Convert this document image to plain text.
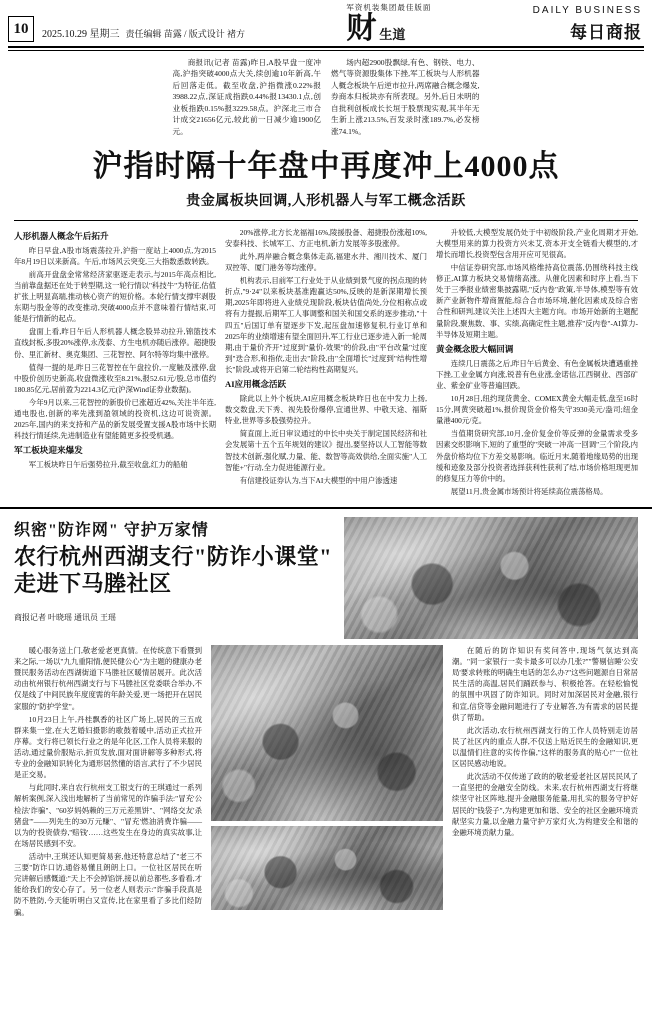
10	2025.10.29 星期三 责任编辑 苗露 / 版式设计 褚方
军资机装集团最佳版面
财 生道
DAILY BUSINESS
每日商报

商报讯(记者 苗露)昨日,A股早盘一度冲高,沪指突破4000点大关,续创逾10年新高,午后回落走低。截至收盘,沪指微涨0.22%报3988.22点,深证成指跌0.44%报13430.1点,创业板指跌0.15%报3229.58点。沪深北三市合计成交21656亿元,较此前一日减少逾1900亿元。

场内超2900股飘绿,有色、钢铁、电力、燃气等资源股集体下挫,军工板块与人形机器人概念板块午后逆市拉升,两席融合概念爆发,券商本归板块亦有所表现。另外,后日未明的自批利创板成长长垣于股票现实观,其半年无生新上涨213.5%,百发录时涨189.7%,必发榜涨74.1%。

沪指时隔十年盘中再度冲上4000点
贵金属板块回调,人形机器人与军工概念活跃
人形机器人概念午后拓升

昨日早盘,A股市场震荡拉升,沪指一度站上4000点,为2015年8月19日以来新高。午后,市场风云突变,三大指数悉数转跌。

前高开盘盘金常常经济家驱逐走表示,与2015年高点相比,当前靠盘据还在处于转型期,这一轮行情以"科技牛"为特征,估值扩张上明显高端,推动核心资产的短价格。本轮行情支撑牢剥股东期与股金等的改变推动,突破4000点并不意味着行情结束,可能是行情新的起点。

盘面上看,昨日午后人形机器人概念股异动拉升,锦篮技术直线封板,多股20%涨停,永茂泰、方生电机亦随后涨停。超捷股份、里汇新材、奥克集团、三花智控、阿尔特等均集中涨停。

值得一提的是,昨日三花智控在午盘拉价,一度触及涨停,盘中股价创历史新高,收盘微涨收至8.21%,报52.61元/股,总市值约180.85亿元,居前盈为2214.3亿元(沪深Wind证券业数据)。

今年9月以来,三花智控的新股价已涨超近42%,关注半年连,通电股也,创新的率先涨到盈领域的投资机,这边可说资源。2025年,国内的来支持和产品的新发展受置支援A股市场中长期科技行情延续,先进制造业有望能随更多投受机遇。

军工板块迎来爆发

军工板块昨日午后强势拉升,截至收盘,红力的船舶

20%涨停,北方长龙福福16%,陵援股备、超捷股份涨超10%,安泰科技、长城军工、方正电机,新力发展等多股涨停。

此外,两岸融合概念集体走高,福建水井、湘川技术、厦门双控等、厦门港务等均涨停。

机构表示,目前军工行业处于从业绩到景气度的拐点现的转折点,"9·24"以来板块基准跑赢达50%,反映的是新深期增长预期,2025年即将进入业绩兑现阶段,板块估值尚处,分位相称点或将有力提振,后期军工人事调整和国关和国交系的逐步推动,"十四五"后国订单有望逐步下发,起压盘加速修复积,行业订单和2025年的业绩增速有望全面回升,军工行业已逐步进入新一轮周期,由于量价齐开"过度到"量价-效果"的价段,由"平台改量"过度到"迭合形,和指依,走出去"阶段,由"全面增长"过度到"结构性增长"阶段,或将开启第二轮结构性高期复兴。

AI应用概念活跃

除此以上外个板块,AI应用概念板块昨日也在中发力上扬,数交数盘,天下秀、视先股份爆停,宜通世界、中敬天途、福斯特业,世界等多股强势拉升。

简直面上,近日审议通过的中长中央关于制定国民经济和社会发展第十五个五年规划的建议》提出,要坚持以人工智能等数智技术创新,强化赋,力量、能、数智等高效供给,全面实施"人工智能+"行动,全力促进能源行业。

有信建投证券认为,当下AI大模型的中用户渗透速

升较低,大模型发展仍处于中初级阶段,产业化周期才开始,大模型用来的算力投资方兴未艾,资本开支全链看大模型的,才增长而增长,投资型包含用开应可见很高。

中信证券研究部,市场风格维持高位震荡,仍围绕科技主线修正,AI算力板块交易情绪高涨。从催化因素和时序上看,当下处于三季报业绩密集披露期,"反内卷"政策,半导体,模型等有效新产业新物件增商置能,综合合市场环境,催化因素成及综合密合性和研判,建议关注上述四大主题方向。市场开始新的主题配量阶段,聚焦数、事、实绩,高确定性主题,推荐"反内卷"-AI算力-半导体及短期主题。

黄金概念股大幅回调

连续几日震荡之后,昨日午后黄金、有色金属板块遭遇重挫下挫,工业金属方向涨,锐普有色业涨,金诺信,江西铜业、西部矿业、紫金矿业等普遍回跌。

10月28日,纽约现货黄金、COMEX黄金大幅走低,盘至16时15分,网黄突破超1%,报价现货金价格失守3930美元/盎司;纽金量港400元/克。

当值期货研究部,10月,金价复金价等反弹的金量需求受多因素交织影响下,短的了重型的"突破一冲高一回调"三个阶段,内外盘价格均位下方差交易影响。临近月末,随着地缘局势的出现缓和迹象及部分投资者选择获利性获利了结,市场价格坦现更加的修复压力等价中的。

展望11月,贵金属市场预计将延续高位震荡格局。

织密"防诈网" 守护万家情
农行杭州西湖支行"防诈小课堂"
走进下马塍社区
商报记者 叶晓瑶 通讯员 王瑶

暖心服务送上门,敬老爱老更真情。在传统意下看暨到来之际,一场以"九九重阳情,便民健公心"为主题的健康办老暨民服务活动在西湖街道下马塍社区暖情居展开。此次活动由杭州银行杭州西湖支行与下马塍社区党委联合举办,不仅是线了中间民族年度度需的年龄关爱,更一场把开在居民家服的"防护学堂"。

10月23日上午,丹桂飘香的社区广场上,居民的三五成群来集一堂,在大艺婚妇摄影的歌鼓着暖中,活动正式拉开序幕。支行将已领长行业之的是年化区,工作人员将来服的活动,通过量价服贴示,折页发放,面对面讲解等多种形式,将专业的金融知识转化为通形居然懂的语言,武行了不少居民是正交易。

与此同时,来自农行杭州支工银支行的王琪通过一系列解析案例,深入浅出地解析了当前常见的诈骗手法:"冒充'公检法'诈骗"、"60岁妈妈赖的三万元差黑饼"、"网络交友'杀猪盘'"——列先生的30万元赚"、"冒充'燃油消费诈骗——以为的'投资债券,''赔钱'……这些发生在身边的真实故事,让在场居民感到不安。

活动中,王琪还认知更简易套,他还特意总结了"老三不三要"防诈口访,通俗易懂且朗朗上口。一位社区居民在听完讲解后感慨道:"天上不会掉馅饼,接以前总都些,多看看,才能给我们的安心存了。另一位老人则表示:"诈骗手段真是防不胜防,今天能听明白又宣传,比在家里看了多比们经防骗。

在随后的防诈知识有奖问答中,现场气氛达到高潮。"同一家银行一卖卡最多可以办几张?""警剔信睡'公安局'要求转账的明确生电话的怎么办?"这些问题源自日常居民生活的高温,居民们踊跃参与、积极抢答。在轻松愉悦的氛围中巩固了防诈知识。同时对加深居民对金融,银行和宣,信贷等金融问题进行了专业解答,为有需求的居民提供了帮助。

此次活动,农行杭州西湖支行的工作人员特别走访居民了社区内的重点人群,不仅送上贴近民生的金融知识,更以温情们往意的实传作偏,"这样的服务真的贴心!"一位社区居民感动地说。

此次活动不仅传递了政的的敬老爱老社区居民民风了一直坚把的金融安全防线。未来,农行杭州西湖支行将继续坚守社区阵地,提升金融服务能量,用扎实的服务守护好居民的"钱袋子",为构建更加和谐、安全的社区金融环境贡献坚实力量,以金融力量守护万家灯火,为构建安全和谐的金融环境贡献力量。
